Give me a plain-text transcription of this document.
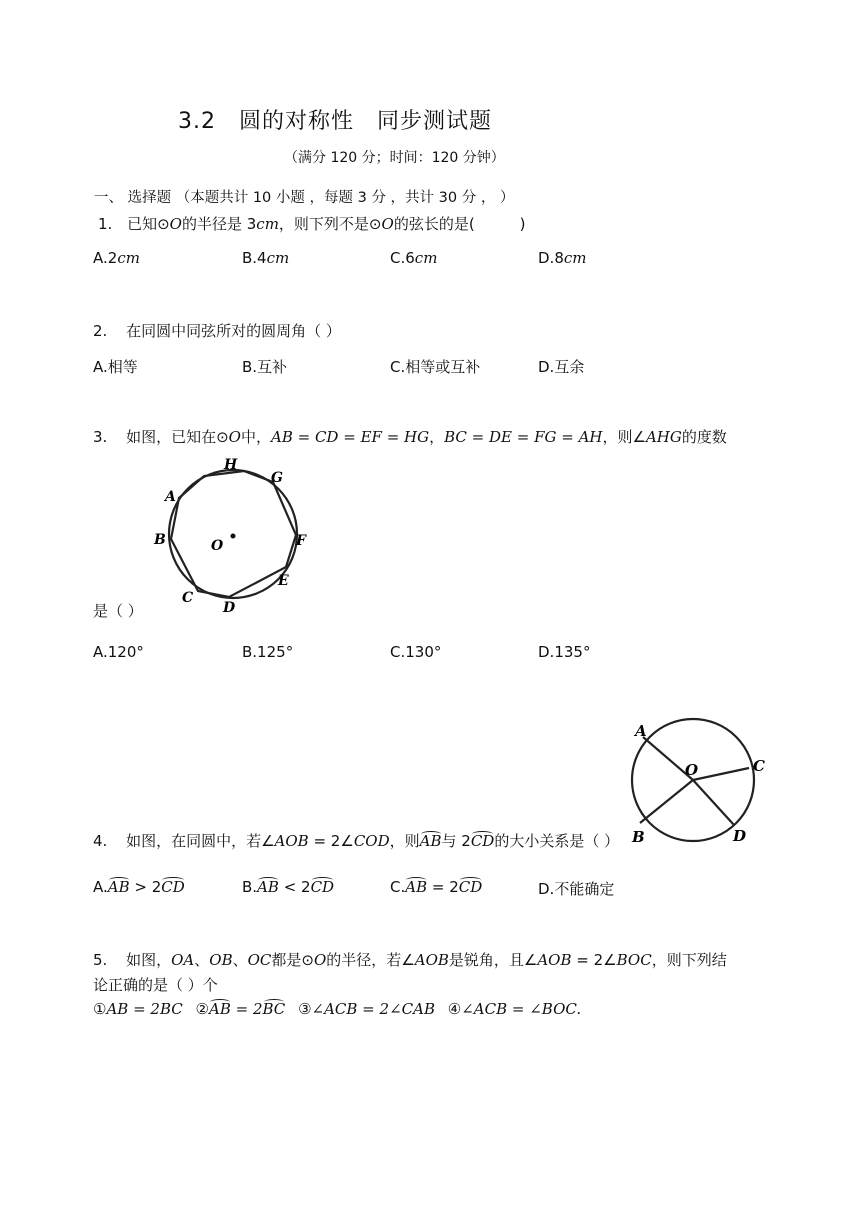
3.2　圆的对称性　同步测试题
（满分 120 分；时间：120 分钟）
一、 选择题 （本题共计 10 小题 ，每题 3 分 ，共计 30 分 ， ）
1. 已知⊙O的半径是 3cm，则下列不是⊙O的弦长的是(　　　)
A.2cm	B.4cm	C.6cm	D.8cm
2. 在同圆中同弦所对的圆周角（ ）
A.相等	B.互补	C.相等或互补	D.互余
3. 如图，已知在⊙O中，AB = CD = EF = HG，BC = DE = FG = AH，则∠AHG的度数
H
G
A
B	O	F
E
C
D
是（ ）
A.120°	B.125°	C.130°	D.135°
A
O	C
B	D
4. 如图，在同圆中，若∠AOB = 2∠COD，则AB与 2CD的大小关系是（ ）
A.AB > 2CD	B.AB < 2CD	C.AB = 2CD	D.不能确定
5. 如图，OA、OB、OC都是⊙O的半径，若∠AOB是锐角，且∠AOB = 2∠BOC，则下列结
论正确的是（ ）个
①AB = 2BC ②AB = 2BC ③∠ACB = 2∠CAB ④∠ACB = ∠BOC.
